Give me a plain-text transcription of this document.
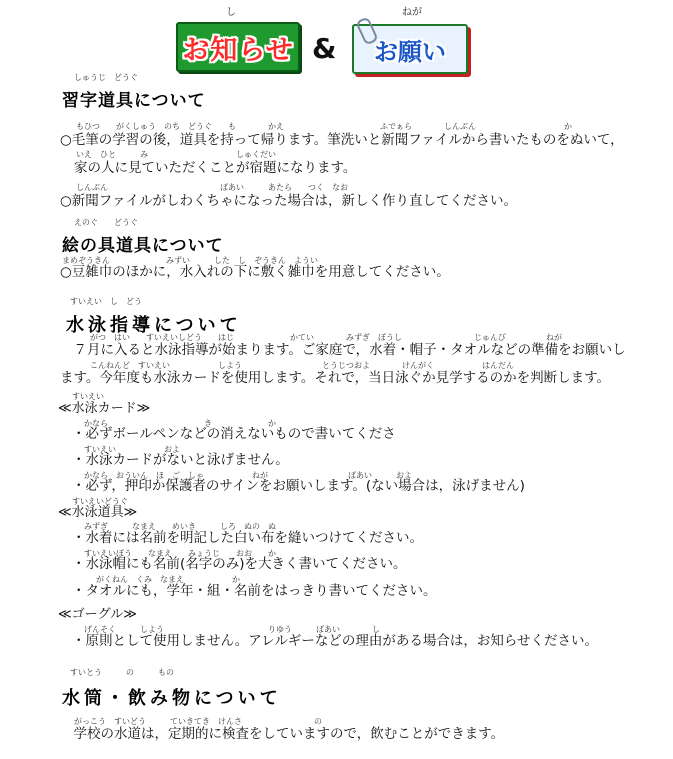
し
お知らせ &
ねが
お願い
しゅうじ　どうぐ
習字道具について
もひつ　　がくしゅう　のち　どうぐ　　も　　　　かえ　　　　　　　　　　　　ふでぁら　　　　しんぶん　　　　　　　　　　　か
○毛筆の学習の後，道具を持って帰ります。筆洗いと新聞ファイルから書いたものをぬいて，
いえ　ひと　　　み　　　　　　　　　　　しゅくだい
家の人に見ていただくことが宿題になります。
しんぶん　　　　　　　　　　　　　　ばあい　　　あたら　　つく　なお
○新聞ファイルがしわくちゃになった場合は，新しく作り直してください。
えのぐ　　どうぐ
絵の具道具について
まめぞうきん　　　　　　　みずい　　　した　し　ぞうきん　ようい
○豆雑巾のほかに，水入れの下に敷く雑巾を用意してください。
すいえい　し　どう
水泳指導について
がつ　はい　　すいえいしどう　　はじ　　　　　　　かてい　　　　みずぎ　ぼうし　　　　　　　　　じゅんび　　　　　ねが
　７月に入ると水泳指導が始まります。ご家庭で，水着・帽子・タオルなどの準備をお願いし
こんねんど　すいえい　　　　　　しよう　　　　　　　　　　とうじつおよ　　　　けんがく　　　　　　はんだん
ます。今年度も水泳カードを使用します。それで，当日泳ぐか見学するのかを判断します。
すいえい
≪水泳カード≫
かなら　　　　　　　　　　　　き　　　　　　　か
・必ずボールペンなどの消えないもので書いてくださ
すいえい　　　　　　およ
・水泳カードがないと泳げません。
かなら　おういん　ほ　ご　しゃ　　　　　　ねが　　　　　　　　　　ばあい　　　およ
・必ず，押印か保護者のサインをお願いします。(ない場合は，泳げません)
すいえいどうぐ
≪水泳道具≫
みずぎ　　　なまえ　　めいき　　　しろ　ぬの　ぬ
・水着には名前を明記した白い布を縫いつけてください。
すいえいぼう　　なまえ　　みょうじ　　おお　　か
・水泳帽にも名前(名字のみ)を大きく書いてください。
がくねん　くみ　なまえ　　　　　　か
・タオルにも，学年・組・名前をはっきり書いてください。
≪ゴーグル≫
げんそく　　　しよう　　　　　　　　　　　　　りゆう　　　ばあい　　　　し
・原則として使用しません。アレルギーなどの理由がある場合は，お知らせください。
すいとう　　　の　　　もの
水筒・飲み物について
がっこう　すいどう　　　ていきてき　けんさ　　　　　　　　　の
　学校の水道は，定期的に検査をしていますので，飲むことができます。
